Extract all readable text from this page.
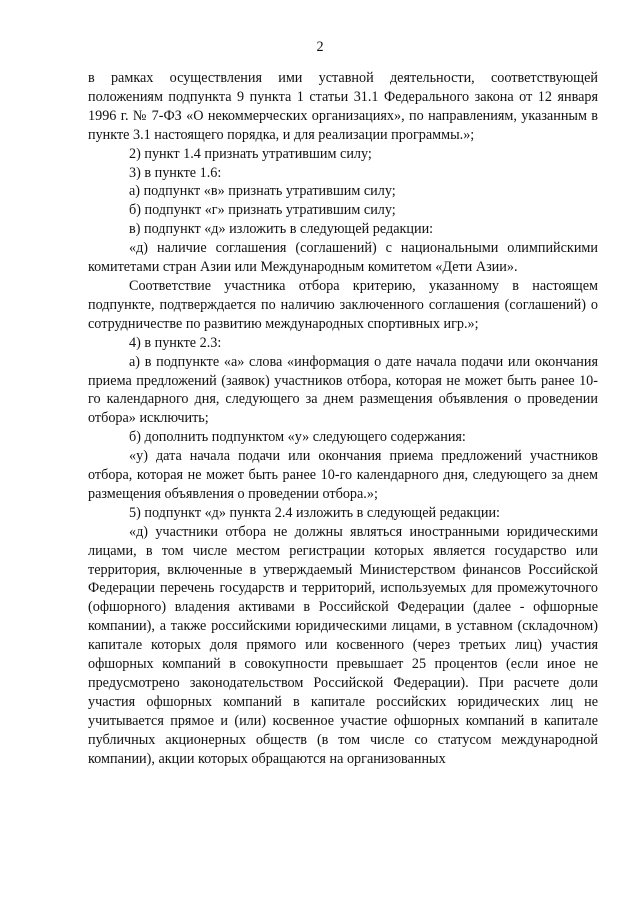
2

в рамках осуществления ими уставной деятельности, соответствующей положениям подпункта 9 пункта 1 статьи 31.1 Федерального закона от 12 января 1996 г. № 7-ФЗ «О некоммерческих организациях», по направлениям, указанным в пункте 3.1 настоящего порядка, и для реализации программы.»;

2) пункт 1.4 признать утратившим силу;

3) в пункте 1.6:

а) подпункт «в» признать утратившим силу;

б) подпункт «г» признать утратившим силу;

в) подпункт «д» изложить в следующей редакции:

«д) наличие соглашения (соглашений) с национальными олимпийскими комитетами стран Азии или Международным комитетом «Дети Азии».

Соответствие участника отбора критерию, указанному в настоящем подпункте, подтверждается по наличию заключенного соглашения (соглашений) о сотрудничестве по развитию международных спортивных игр.»;

4) в пункте 2.3:

а) в подпункте «а» слова «информация о дате начала подачи или окончания приема предложений (заявок) участников отбора, которая не может быть ранее 10-го календарного дня, следующего за днем размещения объявления о проведении отбора» исключить;

б) дополнить подпунктом «у» следующего содержания:

«у) дата начала подачи или окончания приема предложений участников отбора, которая не может быть ранее 10-го календарного дня, следующего за днем размещения объявления о проведении отбора.»;

5) подпункт «д» пункта 2.4 изложить в следующей редакции:

«д) участники отбора не должны являться иностранными юридическими лицами, в том числе местом регистрации которых является государство или территория, включенные в утверждаемый Министерством финансов Российской Федерации перечень государств и территорий, используемых для промежуточного (офшорного) владения активами в Российской Федерации (далее - офшорные компании), а также российскими юридическими лицами, в уставном (складочном) капитале которых доля прямого или косвенного (через третьих лиц) участия офшорных компаний в совокупности превышает 25 процентов (если иное не предусмотрено законодательством Российской Федерации). При расчете доли участия офшорных компаний в капитале российских юридических лиц не учитывается прямое и (или) косвенное участие офшорных компаний в капитале публичных акционерных обществ (в том числе со статусом международной компании), акции которых обращаются на организованных
